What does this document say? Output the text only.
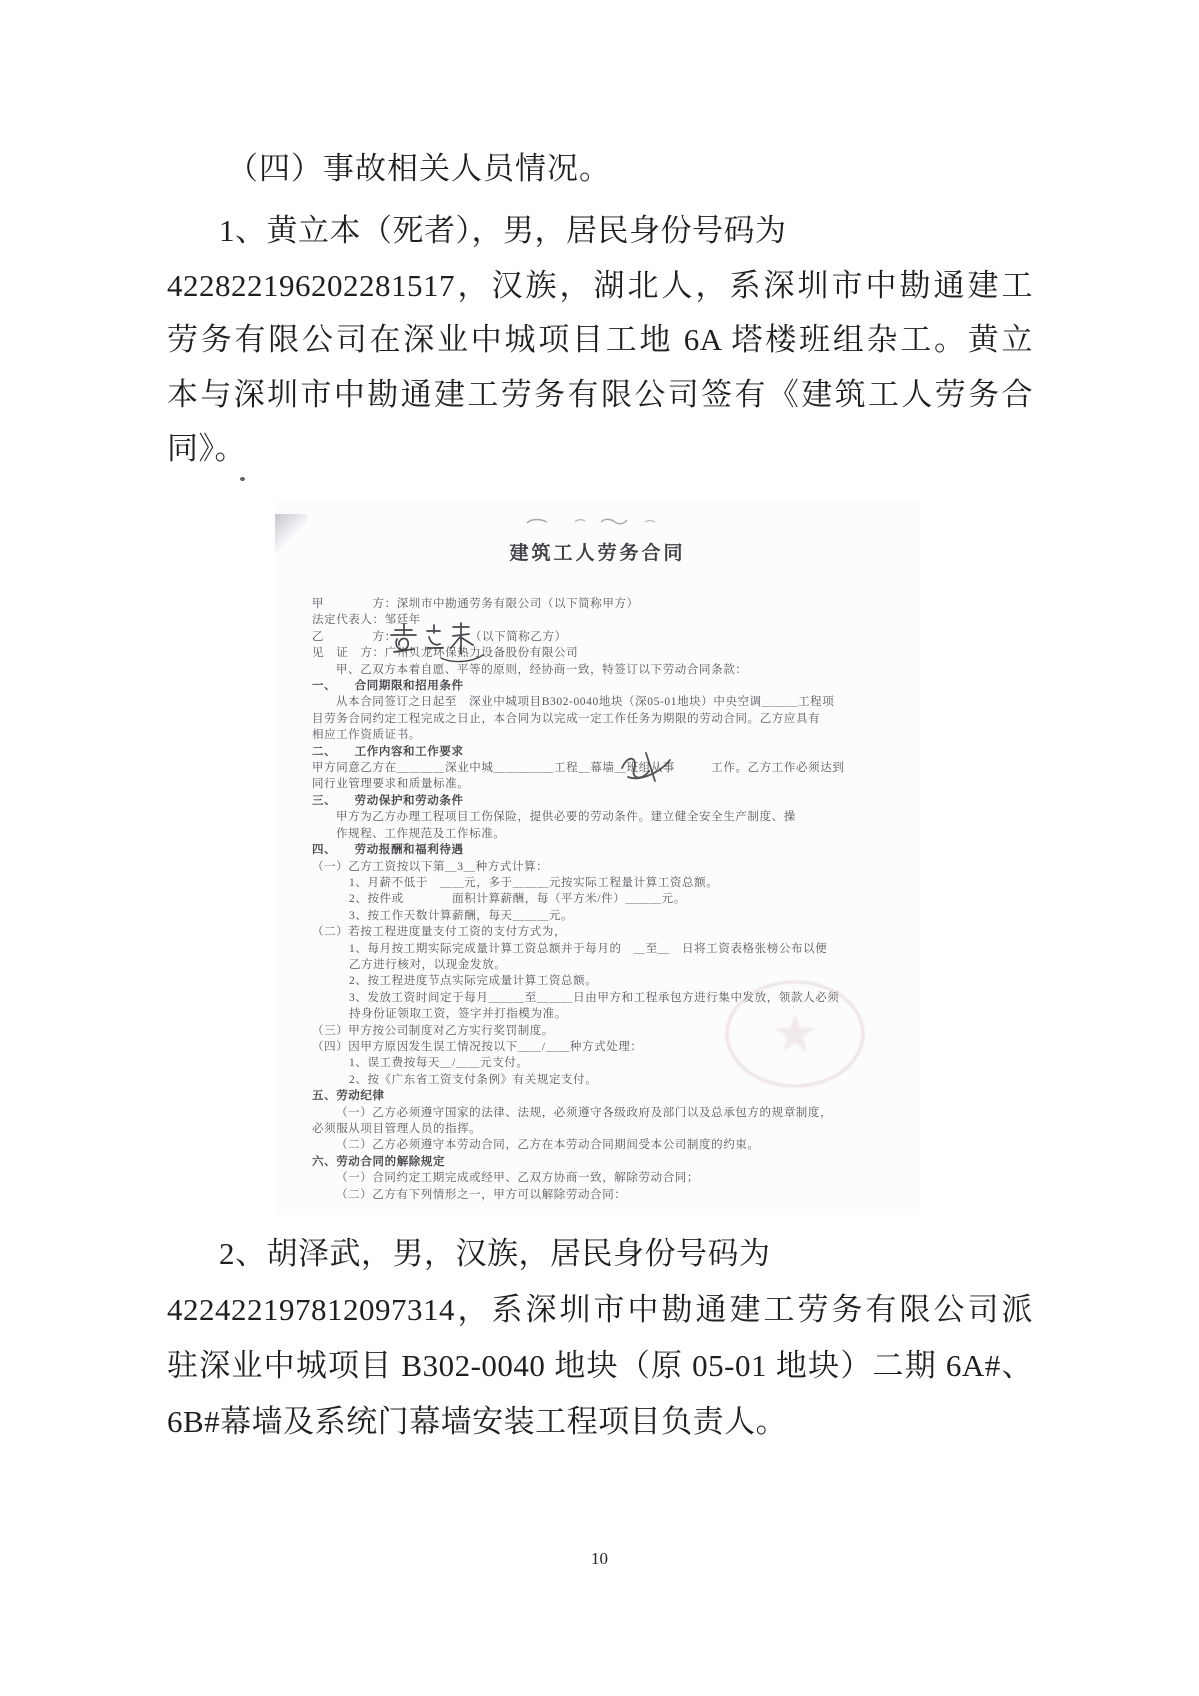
（四）事故相关人员情况。
1、黄立本（死者），男，居民身份号码为
422822196202281517，汉族，湖北人，系深圳市中勘通建工
劳务有限公司在深业中城项目工地 6A 塔楼班组杂工。黄立
本与深圳市中勘通建工劳务有限公司签有《建筑工人劳务合
同》。
建筑工人劳务合同
甲　　　　方：深圳市中勘通劳务有限公司（以下简称甲方）
法定代表人：邹廷年
乙　　　　方：　　　　　　　（以下简称乙方）
见　证　方：广州贝龙环保热力设备股份有限公司
甲、乙双方本着自愿、平等的原则，经协商一致，特签订以下劳动合同条款：
一、　　合同期限和招用条件
从本合同签订之日起至　深业中城项目B302-0040地块（深05-01地块）中央空调＿＿＿工程项
目劳务合同约定工程完成之日止，本合同为以完成一定工作任务为期限的劳动合同。乙方应具有
相应工作资质证书。
二、　　工作内容和工作要求
甲方同意乙方在＿＿＿＿深业中城＿＿＿＿＿工程＿幕墙＿班组从事　　　工作。乙方工作必须达到
同行业管理要求和质量标准。
三、　　劳动保护和劳动条件
甲方为乙方办理工程项目工伤保险，提供必要的劳动条件。建立健全安全生产制度、操
作规程、工作规范及工作标准。
四、　　劳动报酬和福利待遇
（一）乙方工资按以下第＿3＿种方式计算：
1、月薪不低于　＿＿元，多于＿＿＿元按实际工程量计算工资总额。
2、按件或　　　　面积计算薪酬，每（平方米/件）＿＿＿元。
3、按工作天数计算薪酬，每天＿＿＿元。
（二）若按工程进度量支付工资的支付方式为，
1、每月按工期实际完成量计算工资总额并于每月的　＿至＿　日将工资表格张榜公布以便
乙方进行核对，以现金发放。
2、按工程进度节点实际完成量计算工资总额。
3、发放工资时间定于每月＿＿＿至＿＿＿日由甲方和工程承包方进行集中发放，领款人必须
持身份证领取工资，签字并打指模为准。
（三）甲方按公司制度对乙方实行奖罚制度。
（四）因甲方原因发生误工情况按以下＿＿/＿＿种方式处理：
1、误工费按每天＿/＿＿元支付。
2、按《广东省工资支付条例》有关规定支付。
五、劳动纪律
（一）乙方必须遵守国家的法律、法规，必须遵守各级政府及部门以及总承包方的规章制度，
必须服从项目管理人员的指挥。
（二）乙方必须遵守本劳动合同，乙方在本劳动合同期间受本公司制度的约束。
六、劳动合同的解除规定
（一）合同约定工期完成或经甲、乙双方协商一致，解除劳动合同；
（二）乙方有下列情形之一，甲方可以解除劳动合同：
2、胡泽武，男，汉族，居民身份号码为
422422197812097314，系深圳市中勘通建工劳务有限公司派
驻深业中城项目 B302-0040 地块（原 05-01 地块）二期 6A#、
6B#幕墙及系统门幕墙安装工程项目负责人。
10
